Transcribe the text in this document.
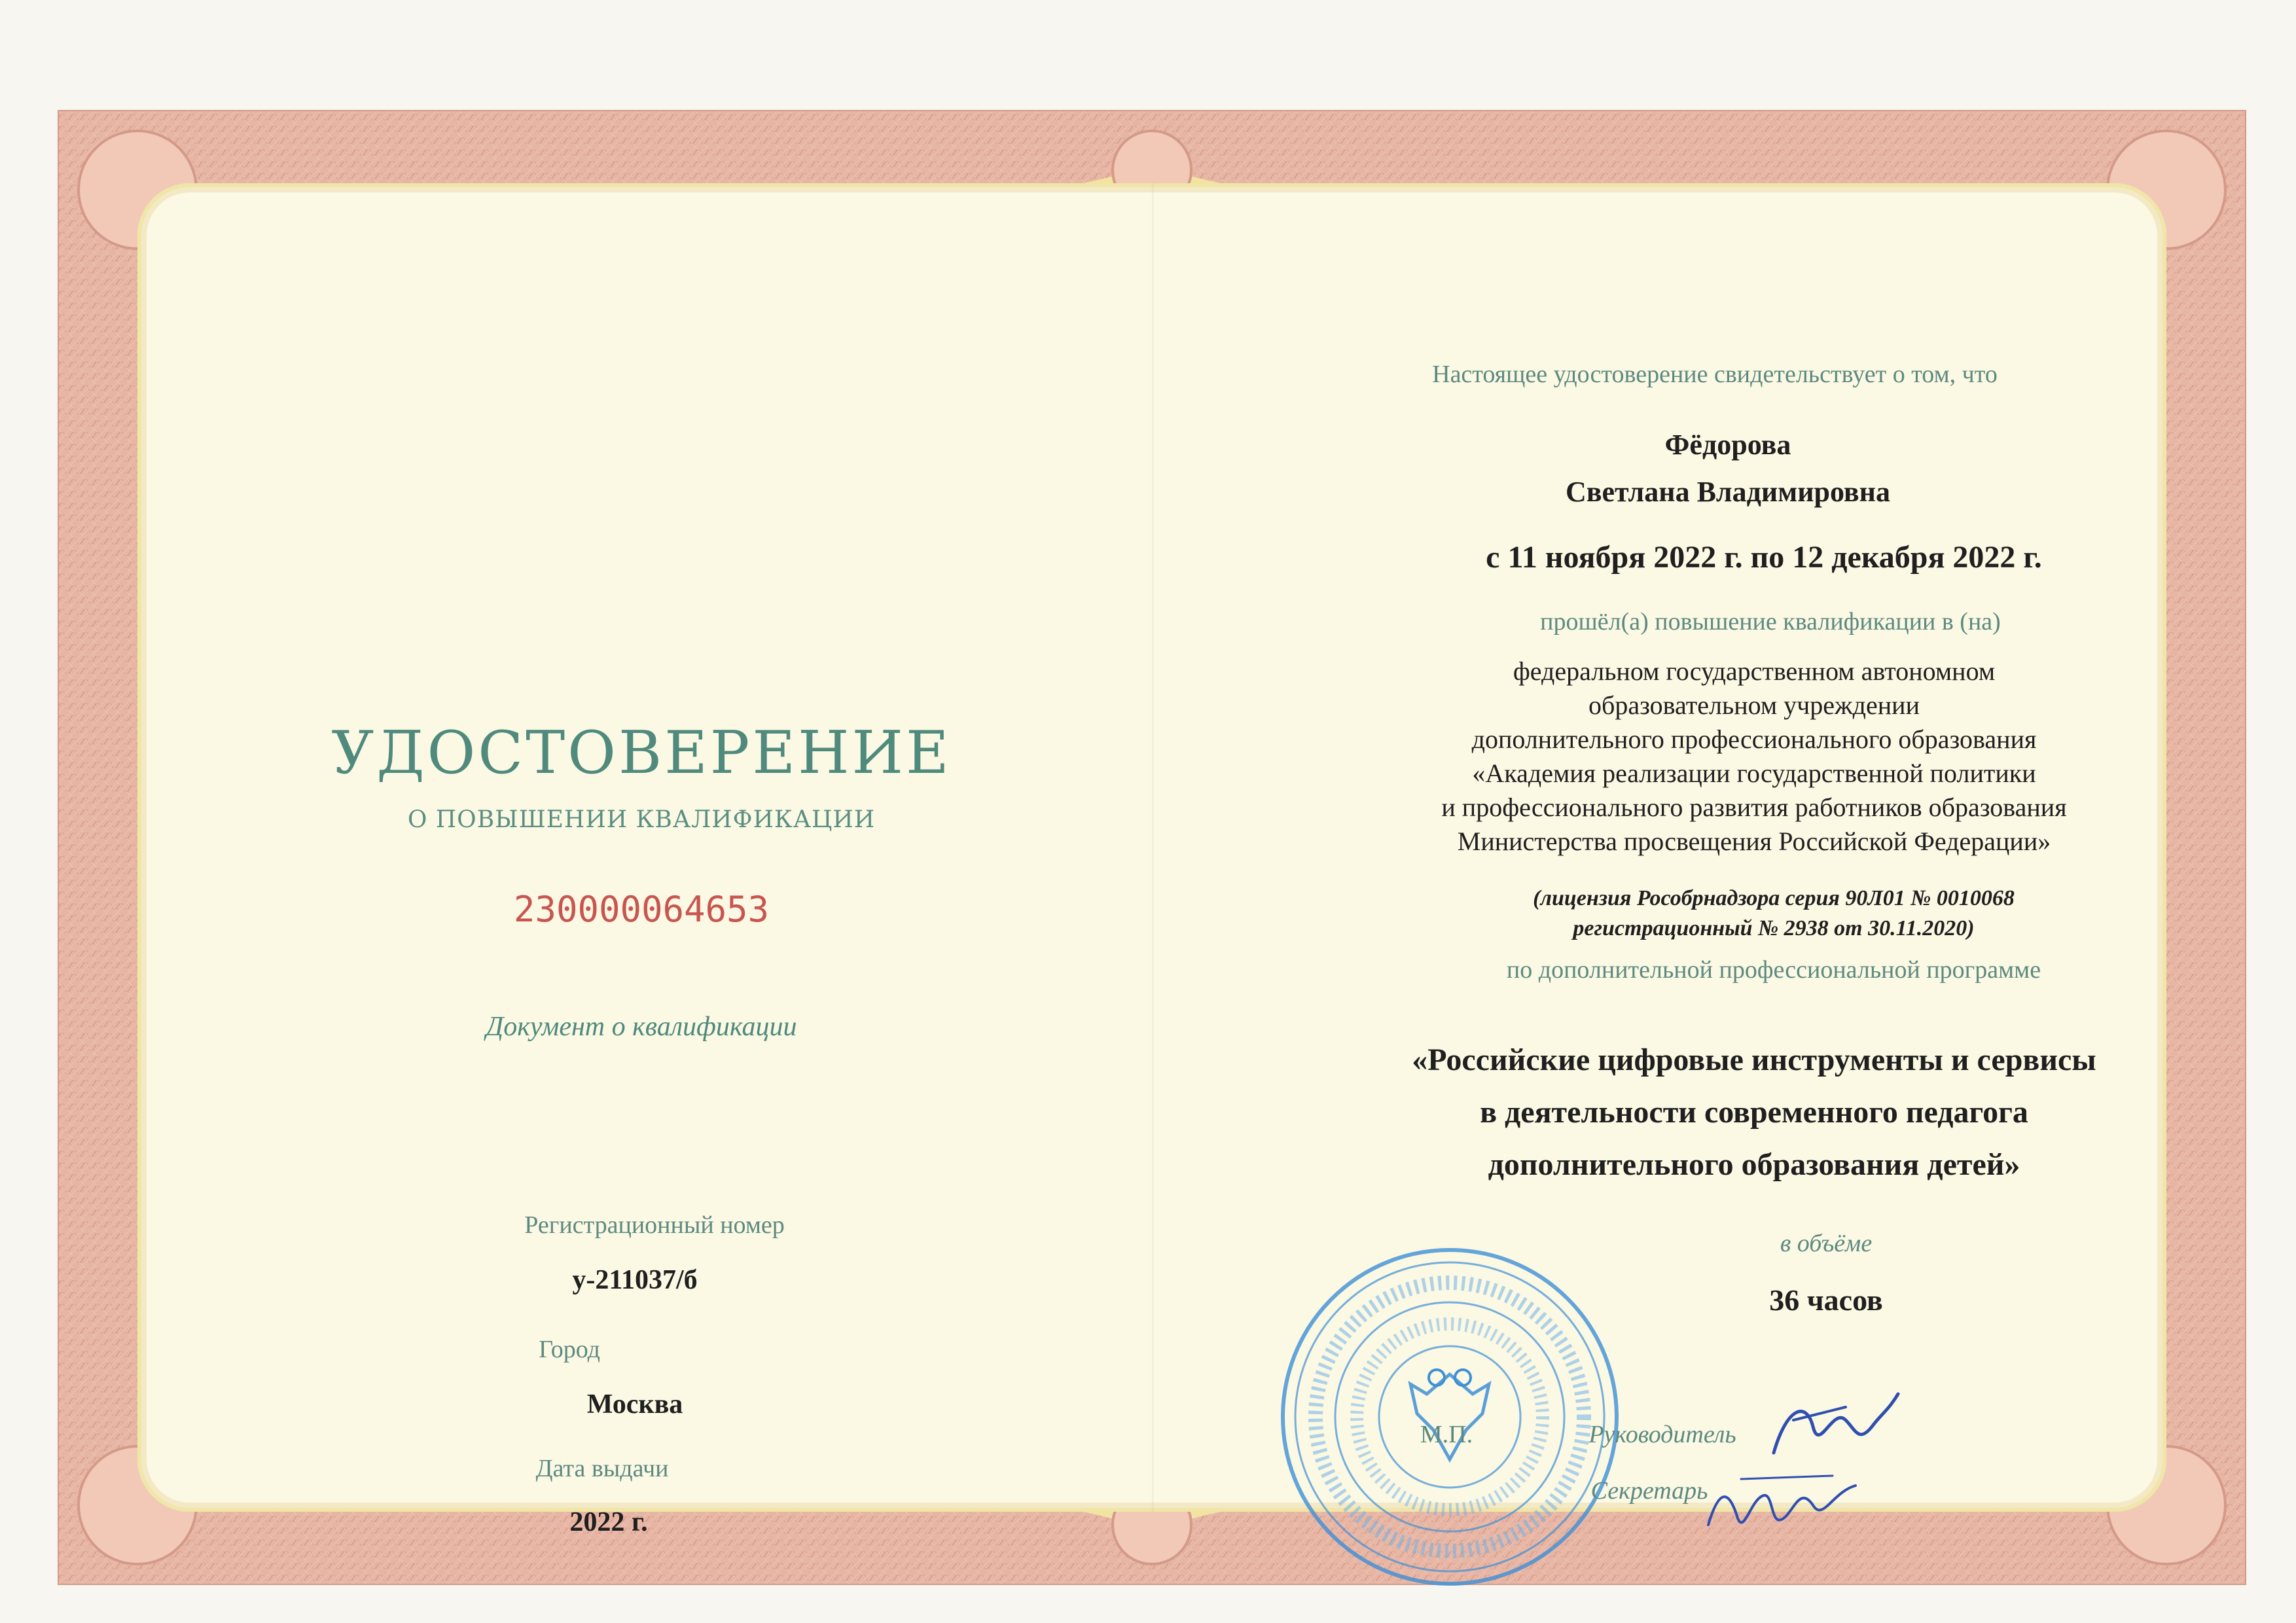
УДОСТОВЕРЕНИЕ

О ПОВЫШЕНИИ КВАЛИФИКАЦИИ

230000064653

Документ о квалификации

Регистрационный номер

у-211037/б

Город

Москва

Дата выдачи

2022 г.

Настоящее удостоверение свидетельствует о том, что

Фёдорова

Светлана Владимировна

с 11 ноября 2022 г. по 12 декабря 2022 г.

прошёл(а) повышение квалификации в (на)

федеральном государственном автономном

образовательном учреждении

дополнительного профессионального образования

«Академия реализации государственной политики

и профессионального развития работников образования

Министерства просвещения Российской Федерации»

(лицензия Рособрнадзора серия 90Л01 № 0010068

регистрационный № 2938 от 30.11.2020)

по дополнительной профессиональной программе

«Российские цифровые инструменты и сервисы

в деятельности современного педагога

дополнительного образования детей»

в объёме

36 часов

М.П.	Руководитель

Секретарь
